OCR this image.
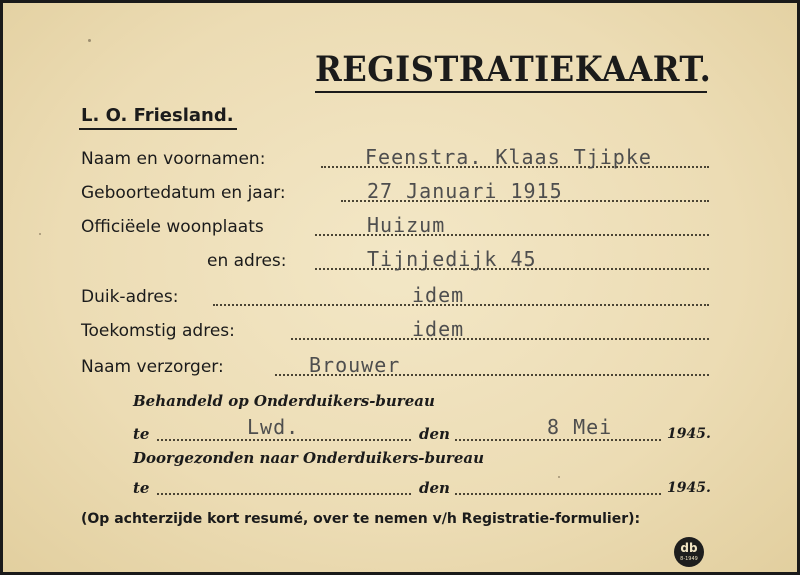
REGISTRATIEKAART.
L. O. Friesland.
Naam en voornamen:	Feenstra. Klaas Tjipke
Geboortedatum en jaar:	27 Januari 1915
Officiëele woonplaats	Huizum
en adres:	Tijnjedijk 45
Duik-adres:	idem
Toekomstig adres:	idem
Naam verzorger:	Brouwer
Behandeld op Onderduikers-bureau
te	Lwd.	den	8 Mei	1945.
Doorgezonden naar Onderduikers-bureau
te	den	1945.
(Op achterzijde kort resumé, over te nemen v/h Registratie-formulier):
db
8-1949
